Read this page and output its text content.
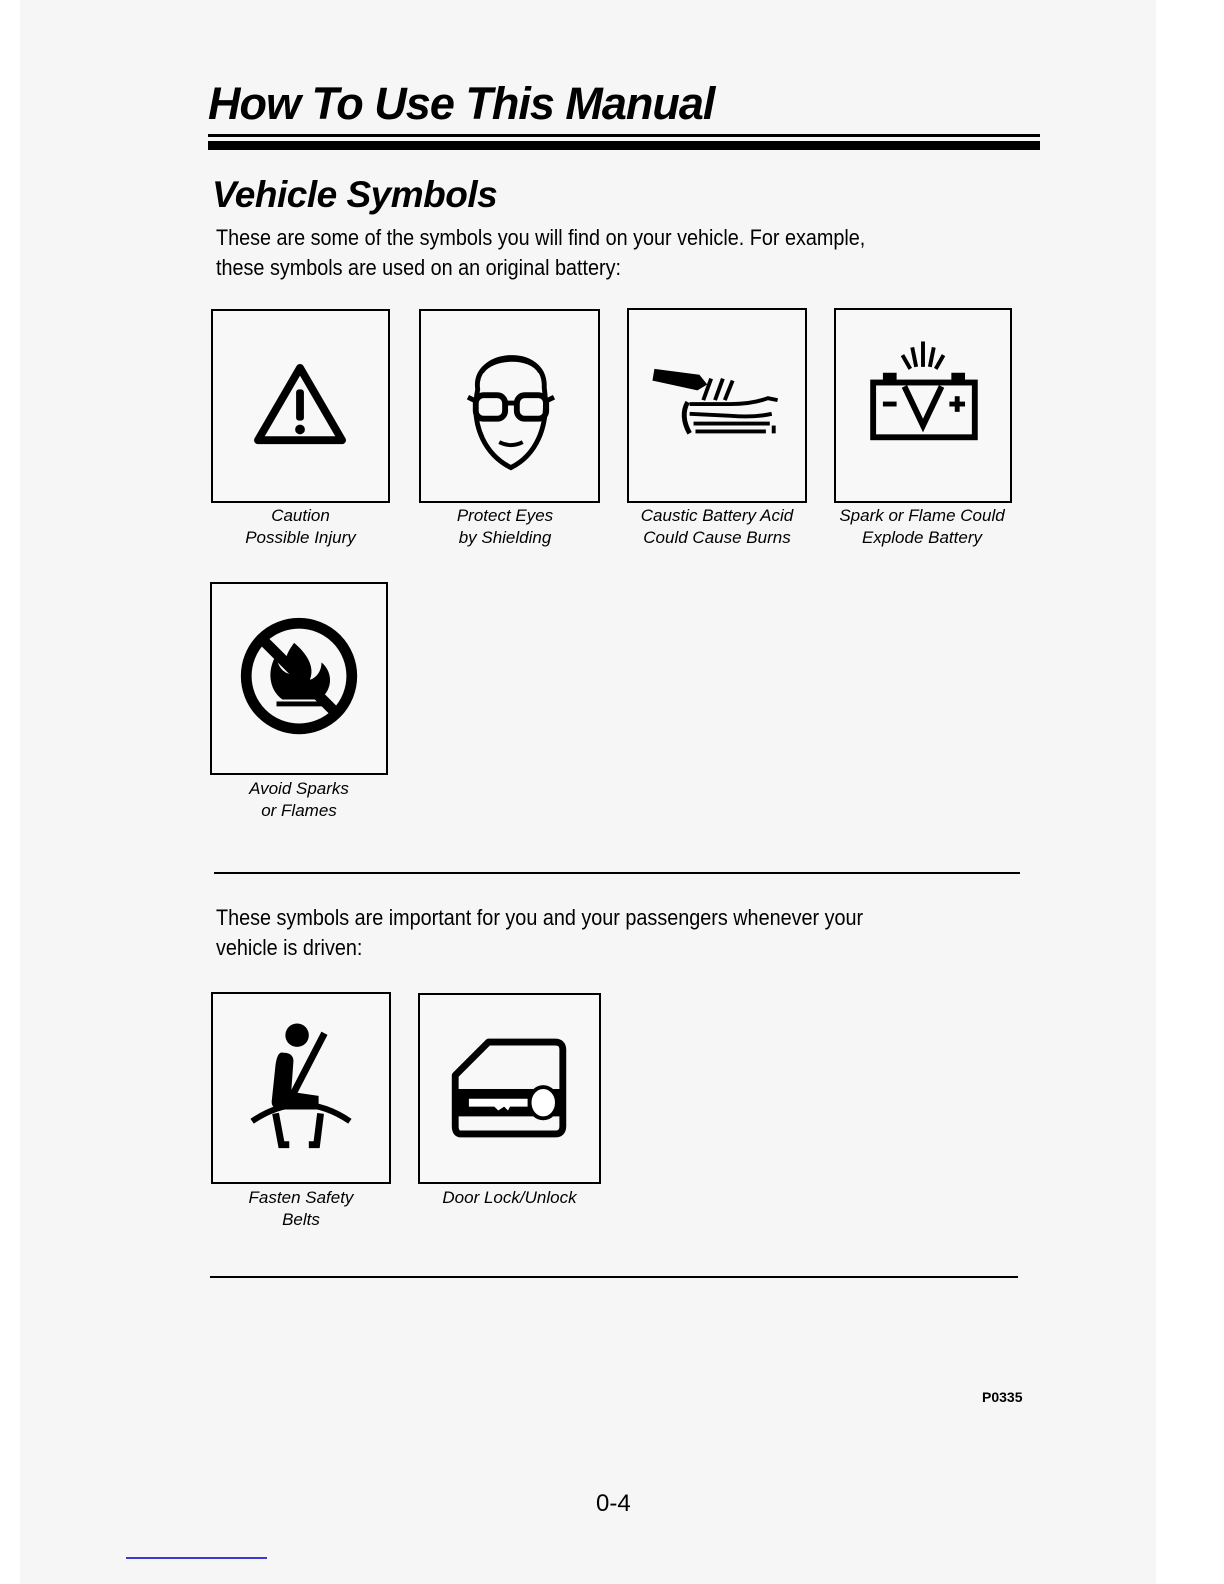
How To Use This Manual
Vehicle Symbols
These are some of the symbols you will find on your vehicle. For example,
these symbols are used on an original battery:
Caution
Possible Injury
Protect Eyes
by Shielding
Caustic Battery Acid
Could Cause Burns
Spark or Flame Could
Explode Battery
Avoid Sparks
or Flames
These symbols are important for you and your passengers whenever your
vehicle is driven:
Fasten Safety
Belts
Door Lock/Unlock
P0335
0-4
